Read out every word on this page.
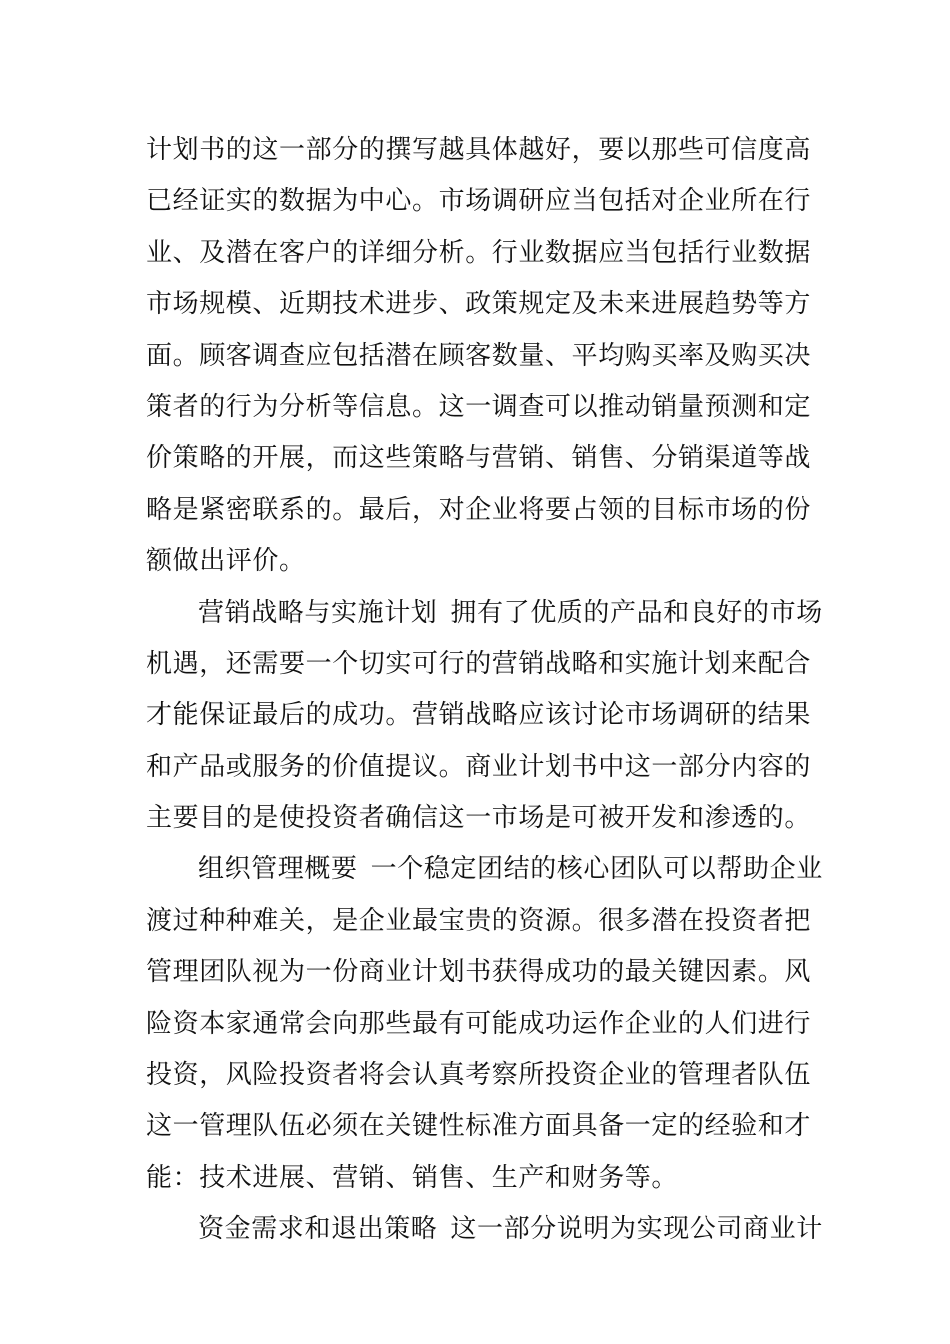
计划书的这一部分的撰写越具体越好，要以那些可信度高
已经证实的数据为中心。市场调研应当包括对企业所在行
业、及潜在客户的详细分析。行业数据应当包括行业数据
市场规模、近期技术进步、政策规定及未来进展趋势等方
面。顾客调查应包括潜在顾客数量、平均购买率及购买决
策者的行为分析等信息。这一调查可以推动销量预测和定
价策略的开展，而这些策略与营销、销售、分销渠道等战
略是紧密联系的。最后，对企业将要占领的目标市场的份
额做出评价。
营销战略与实施计划 拥有了优质的产品和良好的市场
机遇，还需要一个切实可行的营销战略和实施计划来配合
才能保证最后的成功。营销战略应该讨论市场调研的结果
和产品或服务的价值提议。商业计划书中这一部分内容的
主要目的是使投资者确信这一市场是可被开发和渗透的。
组织管理概要 一个稳定团结的核心团队可以帮助企业
渡过种种难关，是企业最宝贵的资源。很多潜在投资者把
管理团队视为一份商业计划书获得成功的最关键因素。风
险资本家通常会向那些最有可能成功运作企业的人们进行
投资，风险投资者将会认真考察所投资企业的管理者队伍
这一管理队伍必须在关键性标准方面具备一定的经验和才
能：技术进展、营销、销售、生产和财务等。
资金需求和退出策略 这一部分说明为实现公司商业计
